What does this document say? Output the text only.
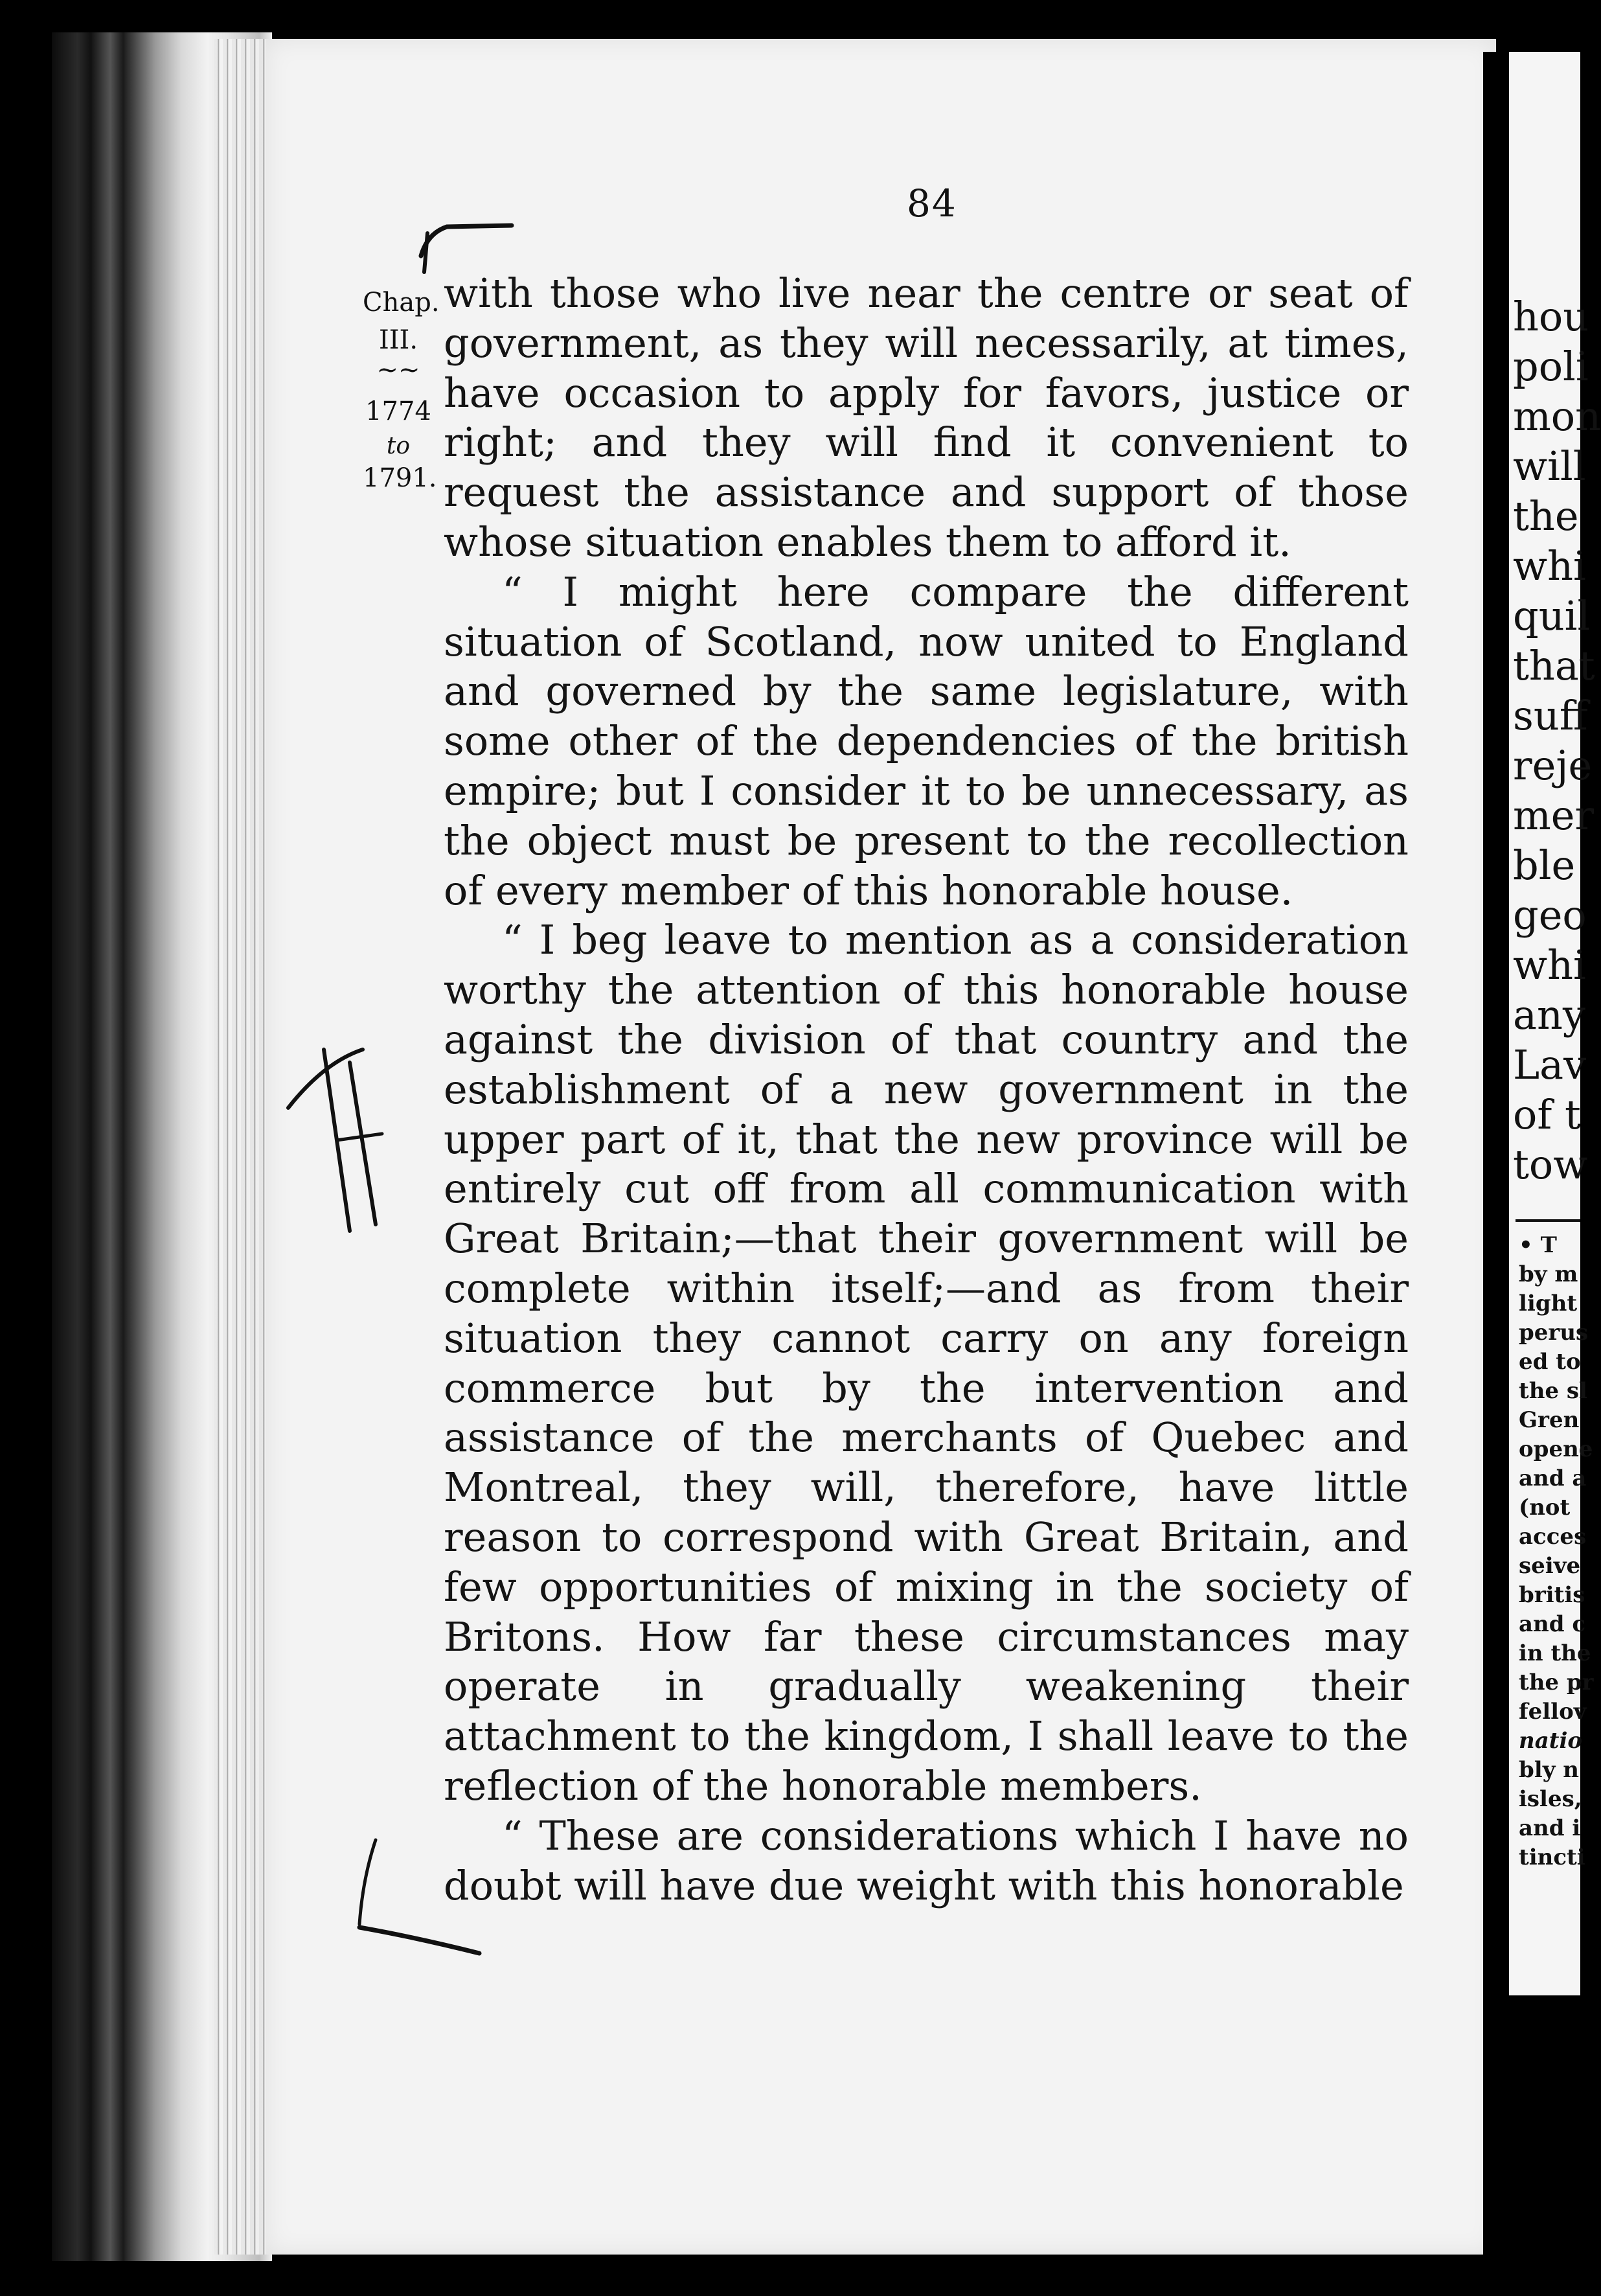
hou
poli
mon
will
the
whi
quil
that
suff
reje
mer
ble
geo
whi
any
Lav
of t
tow
• T
by m
light
perus
ed to
the sl
Gren
opene
and a
(not
acces
seive
britis
and c
in the
the pr
fellov
natio
bly n
isles,
and i
tincti
84
Chap.
III.
~~
1774
to
1791.

with those who live near the centre or seat of government, as they will necessarily, at times, have occasion to apply for favors, justice or right; and they will find it convenient to request the assistance and support of those whose situation enables them to afford it.

“ I might here compare the different situation of Scotland, now united to England and governed by the same legislature, with some other of the dependencies of the british empire; but I consider it to be unnecessary, as the object must be present to the recollection of every member of this honorable house.

“ I beg leave to mention as a consideration worthy the attention of this honorable house against the division of that country and the establishment of a new government in the upper part of it, that the new province will be entirely cut off from all communication with Great Britain;—that their government will be complete within itself;—and as from their situation they cannot carry on any foreign commerce but by the intervention and assistance of the merchants of Quebec and Montreal, they will, therefore, have little reason to correspond with Great Britain, and few opportunities of mixing in the society of Britons. How far these circumstances may operate in gradually weakening their attachment to the kingdom, I shall leave to the reflection of the honorable members.

“ These are considerations which I have no doubt will have due weight with this honorable
